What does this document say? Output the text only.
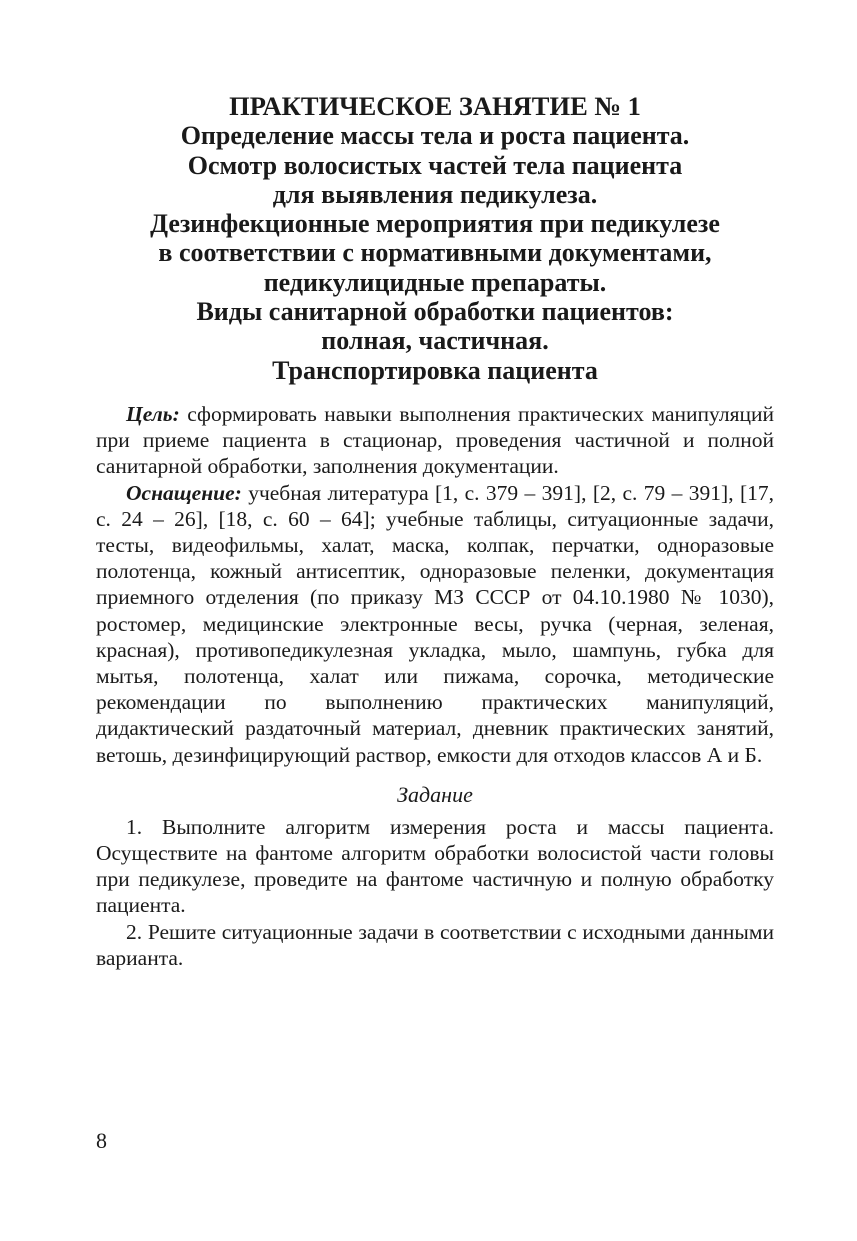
ПРАКТИЧЕСКОЕ ЗАНЯТИЕ № 1
Определение массы тела и роста пациента.
Осмотр волосистых частей тела пациента
для выявления педикулеза.
Дезинфекционные мероприятия при педикулезе
в соответствии с нормативными документами,
педикулицидные препараты.
Виды санитарной обработки пациентов:
полная, частичная.
Транспортировка пациента

Цель: сформировать навыки выполнения практических манипуляций при приеме пациента в стационар, проведения частичной и полной санитарной обработки, заполнения документации.

Оснащение: учебная литература [1, с. 379 – 391], [2, с. 79 – 391], [17, с. 24 – 26], [18, с. 60 – 64]; учебные таблицы, ситуационные задачи, тесты, видеофильмы, халат, маска, колпак, перчатки, одноразовые полотенца, кожный антисептик, одноразовые пеленки, документация приемного отделения (по приказу МЗ СССР от 04.10.1980 № 1030), ростомер, медицинские электронные весы, ручка (черная, зеленая, красная), противопедикулезная укладка, мыло, шампунь, губка для мытья, полотенца, халат или пижама, сорочка, методические рекомендации по выполнению практических манипуляций, дидактический раздаточный материал, дневник практических занятий, ветошь, дезинфицирующий раствор, емкости для отходов классов А и Б.

Задание

1. Выполните алгоритм измерения роста и массы пациента. Осуществите на фантоме алгоритм обработки волосистой части головы при педикулезе, проведите на фантоме частичную и полную обработку пациента.

2. Решите ситуационные задачи в соответствии с исходными данными варианта.

8
